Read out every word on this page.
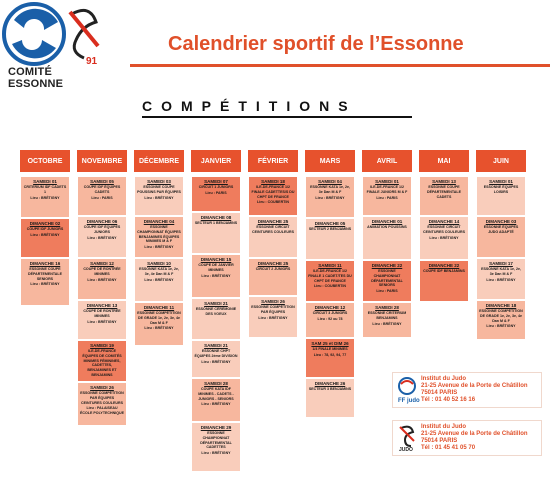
91
COMITÉ ESSONNE
Calendrier sportif de l’Essonne
COMPÉTITIONS
OCTOBRE	NOVEMBRE	DÉCEMBRE	JANVIER	FÉVRIER	MARS	AVRIL	MAI	JUIN
SAMEDI 01
CRITERIUM IDF CADETS 1
Lieu : BRÉTIGNY
DIMANCHE 02
COUPE IDF JUNIORS
Lieu : BRÉTIGNY
DIMANCHE 16
ESSONNE COUPE DÉPARTEMENTALE SENIORS
Lieu : BRÉTIGNY
SAMEDI 05
COUPE IDF ÉQUIPES CADETS
Lieu : PARIS
DIMANCHE 06
COUPE IDF ÉQUIPES JUNIORS
Lieu : BRÉTIGNY
SAMEDI 12
COUPE DE RONTRÉE MINIMES
Lieu : BRÉTIGNY
DIMANCHE 13
COUPE DE RONTRÉE MINIMES
Lieu : BRÉTIGNY
SAMEDI 19
ILE-DE-FRANCE ÉQUIPES DE COMITÉS MINIMES FÉMININES, CADETTES, BENJAMINES ET BENJAMINS
SAMEDI 26
ESSONNE COMPÉTITION PAR ÉQUIPES CEINTURES COULEURS
Lieu : PALAISEAU ÉCOLE POLYTECHNIQUE
SAMEDI 03
ESSONNE COUPE POUSSINS PAR ÉQUIPES
Lieu : BRÉTIGNY
DIMANCHE 04
ESSONNE CHAMPIONNAT ÉQUIPES BENJAMINES ÉQUIPES MINIMES M & F
Lieu : BRÉTIGNY
SAMEDI 10
ESSONNE KATA 1e, 2e, 3e, 4e Dan M & F
Lieu : BRÉTIGNY
DIMANCHE 11
ESSONNE COMPÉTITION DE GRADE 1e, 2e, 3e, 4e Dan M & F
Lieu : BRÉTIGNY
SAMEDI 07
CIRCUIT 1 JUNIORS
Lieu : PARIS
DIMANCHE 08
SECTEUR 1 BENJAMINS
DIMANCHE 15
COUPE DE JANVIER MINIMES
Lieu : BRÉTIGNY
SAMEDI 21
ESSONNE CÉRÉMONIE DES VOEUX
SAMEDI 21
ESSONNE CHPT ÉQUIPES 2ème DIVISION
Lieu : BRÉTIGNY
SAMEDI 28
COUPE KATA IDF MINIMES - CADETS - JUNIORS - SENIORS
Lieu : BRÉTIGNY
DIMANCHE 29
ESSONNE CHAMPIONNAT DÉPARTEMENTAL CADETTES
Lieu : BRÉTIGNY
SAMEDI 18
ILE-DE-FRANCE 1/2 FINALE CADETTES/S DU CHPT DE FRANCE
Lieu : COUBERTIN
DIMANCHE 25
ESSONNE CIRCUIT CEINTURES COULEURS
DIMANCHE 25
CIRCUIT 2 JUNIORS
SAMEDI 26
ESSONNE COMPÉTITION PAR ÉQUIPES
Lieu : BRÉTIGNY
SAMEDI 04
ESSONNE KATA 1e, 2e, 3e Dan M & F
Lieu : BRÉTIGNY
DIMANCHE 05
SECTEUR 2 BENJAMINS
SAMEDI 11
ILE-DE-FRANCE 1/2 FINALE 1 CADET/TES DU CHPT DE FRANCE
Lieu : COUBERTIN
DIMANCHE 12
CIRCUIT 3 JUNIORS
Lieu : 92 ou 78
SAM 25 et DIM 26
1/4 FINALE MINIMES
Lieu : 78, 92, 94, 77
DIMANCHE 26
SECTEUR 3 BENJAMINS
SAMEDI 01
ILE-DE-FRANCE 1/2 FINALE JUNIORS M & F
Lieu : PARIS
DIMANCHE 01
ANIMATION POUSSINS
DIMANCHE 22
ESSONNE CHAMPIONNAT DÉPARTEMENTAL SENIORS
Lieu : PARIS
SAMEDI 28
ESSONNE CRITERIUM BENJAMINS
Lieu : BRÉTIGNY
SAMEDI 13
ESSONNE COUPE DÉPARTEMENTALE CADETS
DIMANCHE 14
ESSONNE CIRCUIT CEINTURES COULEURS
Lieu : BRÉTIGNY
DIMANCHE 22
COUPE IDF BENJAMINS
SAMEDI 01
ESSONNE ÉQUIPES LOISIRS
DIMANCHE 03
ESSONNE ÉQUIPES JUDO ADAPTÉ
SAMEDI 17
ESSONNE KATA 1e, 2e, 3e Dan M & F
Lieu : BRÉTIGNY
DIMANCHE 18
ESSONNE COMPÉTITION DE GRADE 1e, 2e, 3e, 4e Dan M & F
Lieu : BRÉTIGNY
FF judo
Institut du Judo
21-25 Avenue de la Porte de Châtillon
75014 PARIS
Tél : 01 40 52 16 16
JUDO
Institut du Judo
21-25 Avenue de la Porte de Châtillon
75014 PARIS
Tél : 01 45 41 05 70
